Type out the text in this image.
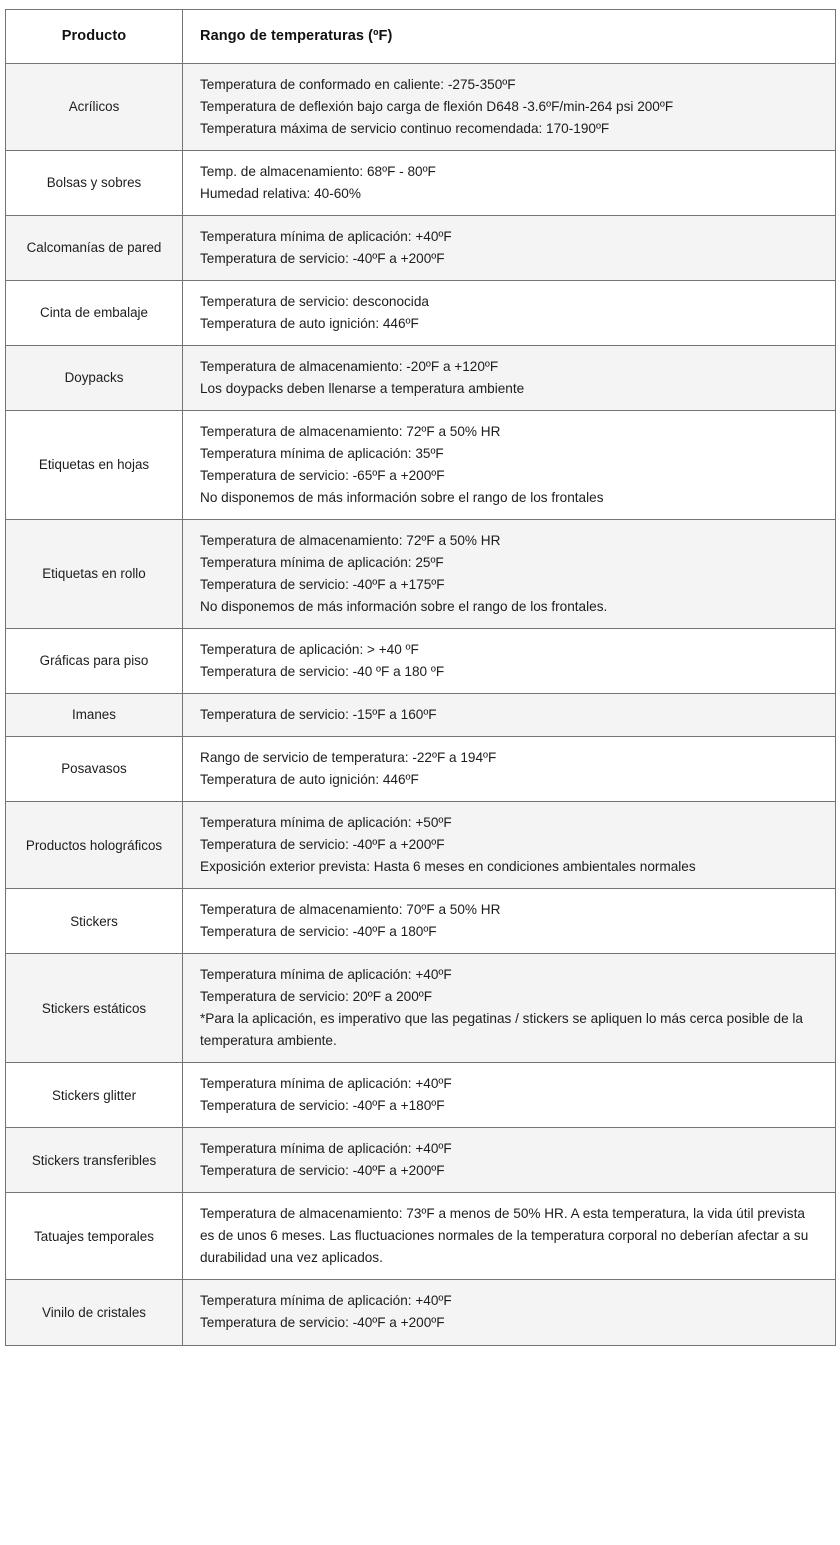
Producto	Rango de temperaturas (ºF)

Acrílicos	Temperatura de conformado en caliente: -275-350ºF
Temperatura de deflexión bajo carga de flexión D648 -3.6ºF/min-264 psi 200ºF
Temperatura máxima de servicio continuo recomendada: 170-190ºF

Bolsas y sobres	Temp. de almacenamiento: 68ºF - 80ºF
Humedad relativa: 40-60%

Calcomanías de pared	Temperatura mínima de aplicación: +40ºF
Temperatura de servicio: -40ºF a +200ºF

Cinta de embalaje	Temperatura de servicio: desconocida
Temperatura de auto ignición: 446ºF

Doypacks	Temperatura de almacenamiento: -20ºF a +120ºF
Los doypacks deben llenarse a temperatura ambiente

Etiquetas en hojas	Temperatura de almacenamiento: 72ºF a 50% HR
Temperatura mínima de aplicación: 35ºF
Temperatura de servicio: -65ºF a +200ºF
No disponemos de más información sobre el rango de los frontales

Etiquetas en rollo	Temperatura de almacenamiento: 72ºF a 50% HR
Temperatura mínima de aplicación: 25ºF
Temperatura de servicio: -40ºF a +175ºF
No disponemos de más información sobre el rango de los frontales.

Gráficas para piso	Temperatura de aplicación: > +40 ºF
Temperatura de servicio: -40 ºF a 180 ºF

Imanes	Temperatura de servicio: -15ºF a 160ºF

Posavasos	Rango de servicio de temperatura: -22ºF a 194ºF
Temperatura de auto ignición: 446ºF

Productos holográficos	Temperatura mínima de aplicación: +50ºF
Temperatura de servicio: -40ºF a +200ºF
Exposición exterior prevista: Hasta 6 meses en condiciones ambientales normales

Stickers	Temperatura de almacenamiento: 70ºF a 50% HR
Temperatura de servicio: -40ºF a 180ºF

Stickers estáticos	Temperatura mínima de aplicación: +40ºF
Temperatura de servicio: 20ºF a 200ºF
*Para la aplicación, es imperativo que las pegatinas / stickers se apliquen lo más cerca posible de la temperatura ambiente.

Stickers glitter	Temperatura mínima de aplicación: +40ºF
Temperatura de servicio: -40ºF a +180ºF

Stickers transferibles	Temperatura mínima de aplicación: +40ºF
Temperatura de servicio: -40ºF a +200ºF

Tatuajes temporales	Temperatura de almacenamiento: 73ºF a menos de 50% HR. A esta temperatura, la vida útil prevista es de unos 6 meses. Las fluctuaciones normales de la temperatura corporal no deberían afectar a su durabilidad una vez aplicados.

Vinilo de cristales	Temperatura mínima de aplicación: +40ºF
Temperatura de servicio: -40ºF a +200ºF
